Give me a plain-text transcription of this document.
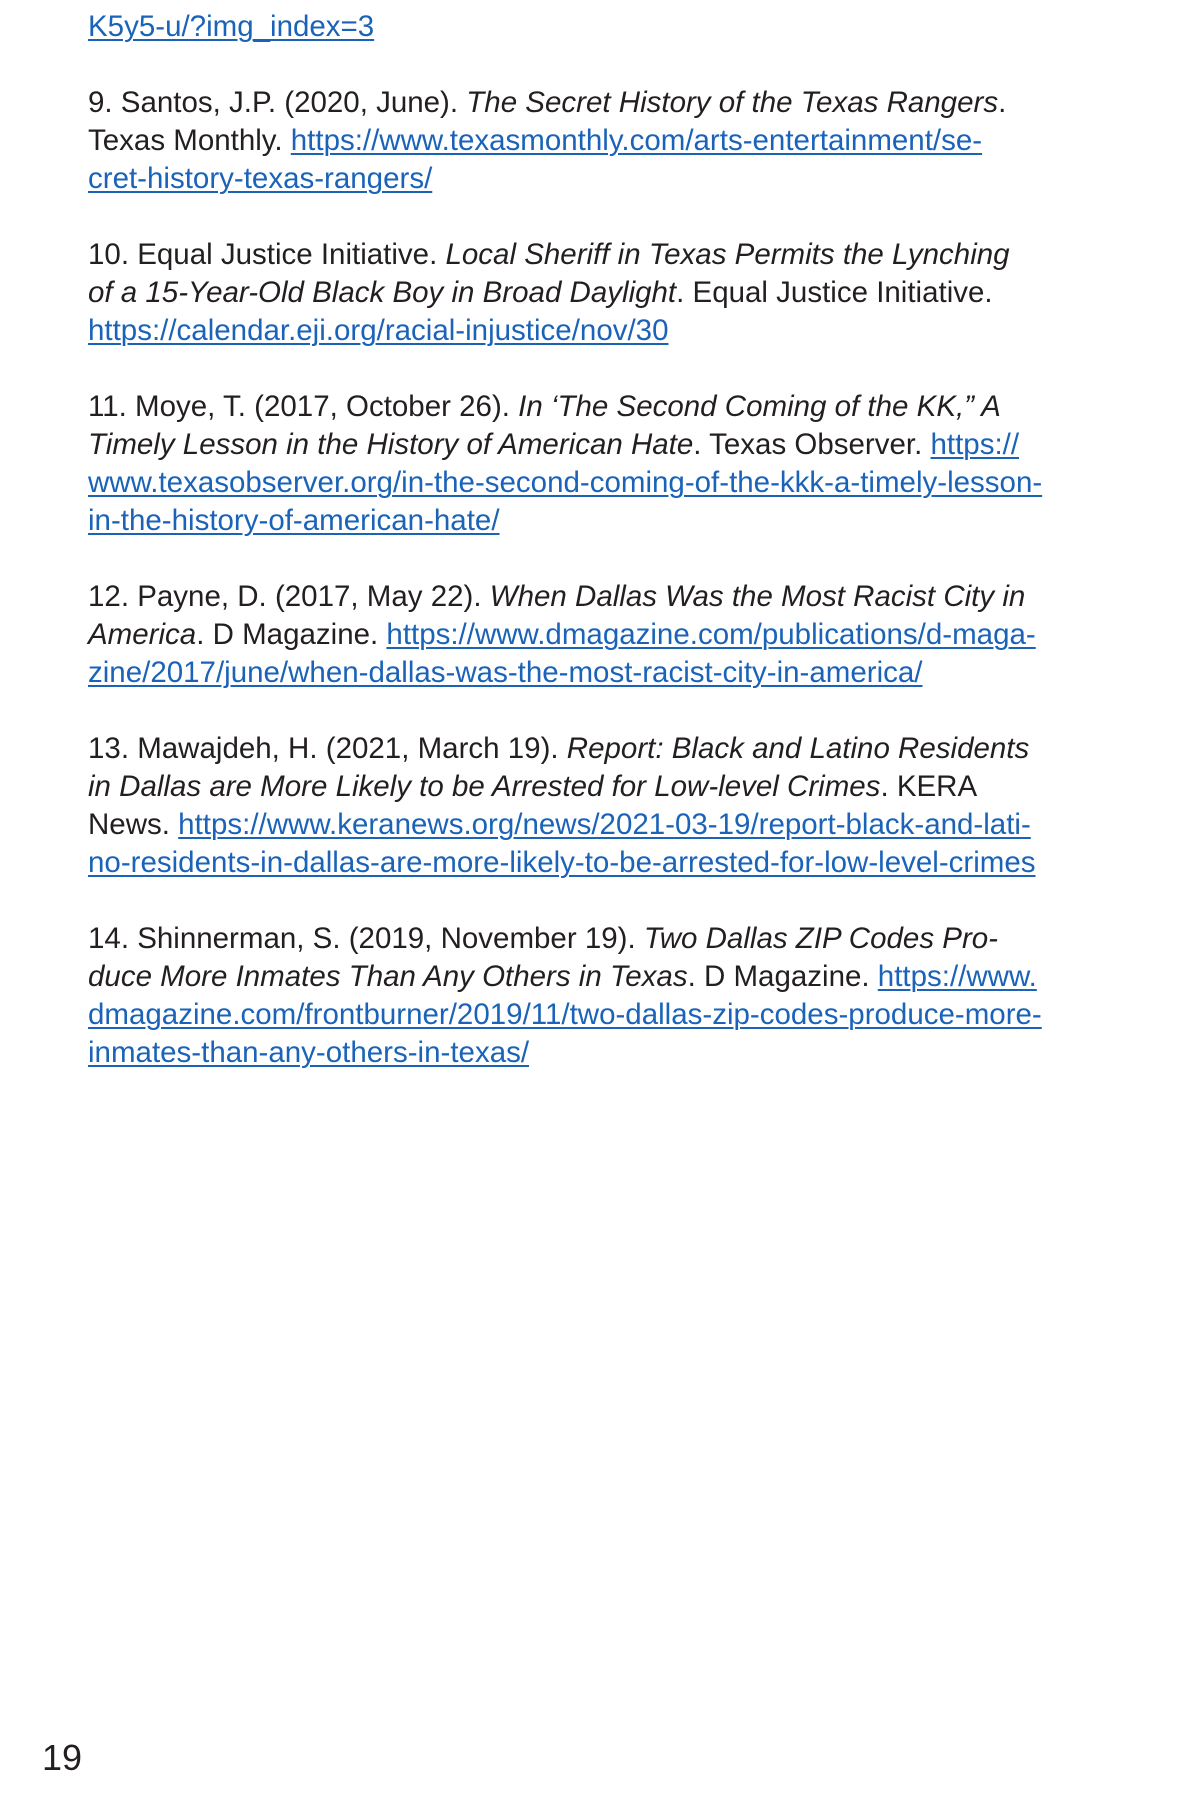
K5y5-u/?img_index=3
9. Santos, J.P. (2020, June). The Secret History of the Texas Rangers.
Texas Monthly. https://www.texasmonthly.com/arts-entertainment/se-
cret-history-texas-rangers/
10. Equal Justice Initiative. Local Sheriff in Texas Permits the Lynching
of a 15-Year-Old Black Boy in Broad Daylight. Equal Justice Initiative.
https://calendar.eji.org/racial-injustice/nov/30
11. Moye, T. (2017, October 26). In ‘The Second Coming of the KK,” A
Timely Lesson in the History of American Hate. Texas Observer. https://
www.texasobserver.org/in-the-second-coming-of-the-kkk-a-timely-lesson-
in-the-history-of-american-hate/
12. Payne, D. (2017, May 22). When Dallas Was the Most Racist City in
America. D Magazine. https://www.dmagazine.com/publications/d-maga-
zine/2017/june/when-dallas-was-the-most-racist-city-in-america/
13. Mawajdeh, H. (2021, March 19). Report: Black and Latino Residents
in Dallas are More Likely to be Arrested for Low-level Crimes. KERA
News. https://www.keranews.org/news/2021-03-19/report-black-and-lati-
no-residents-in-dallas-are-more-likely-to-be-arrested-for-low-level-crimes
14. Shinnerman, S. (2019, November 19). Two Dallas ZIP Codes Pro-
duce More Inmates Than Any Others in Texas. D Magazine. https://www.
dmagazine.com/frontburner/2019/11/two-dallas-zip-codes-produce-more-
inmates-than-any-others-in-texas/
19
